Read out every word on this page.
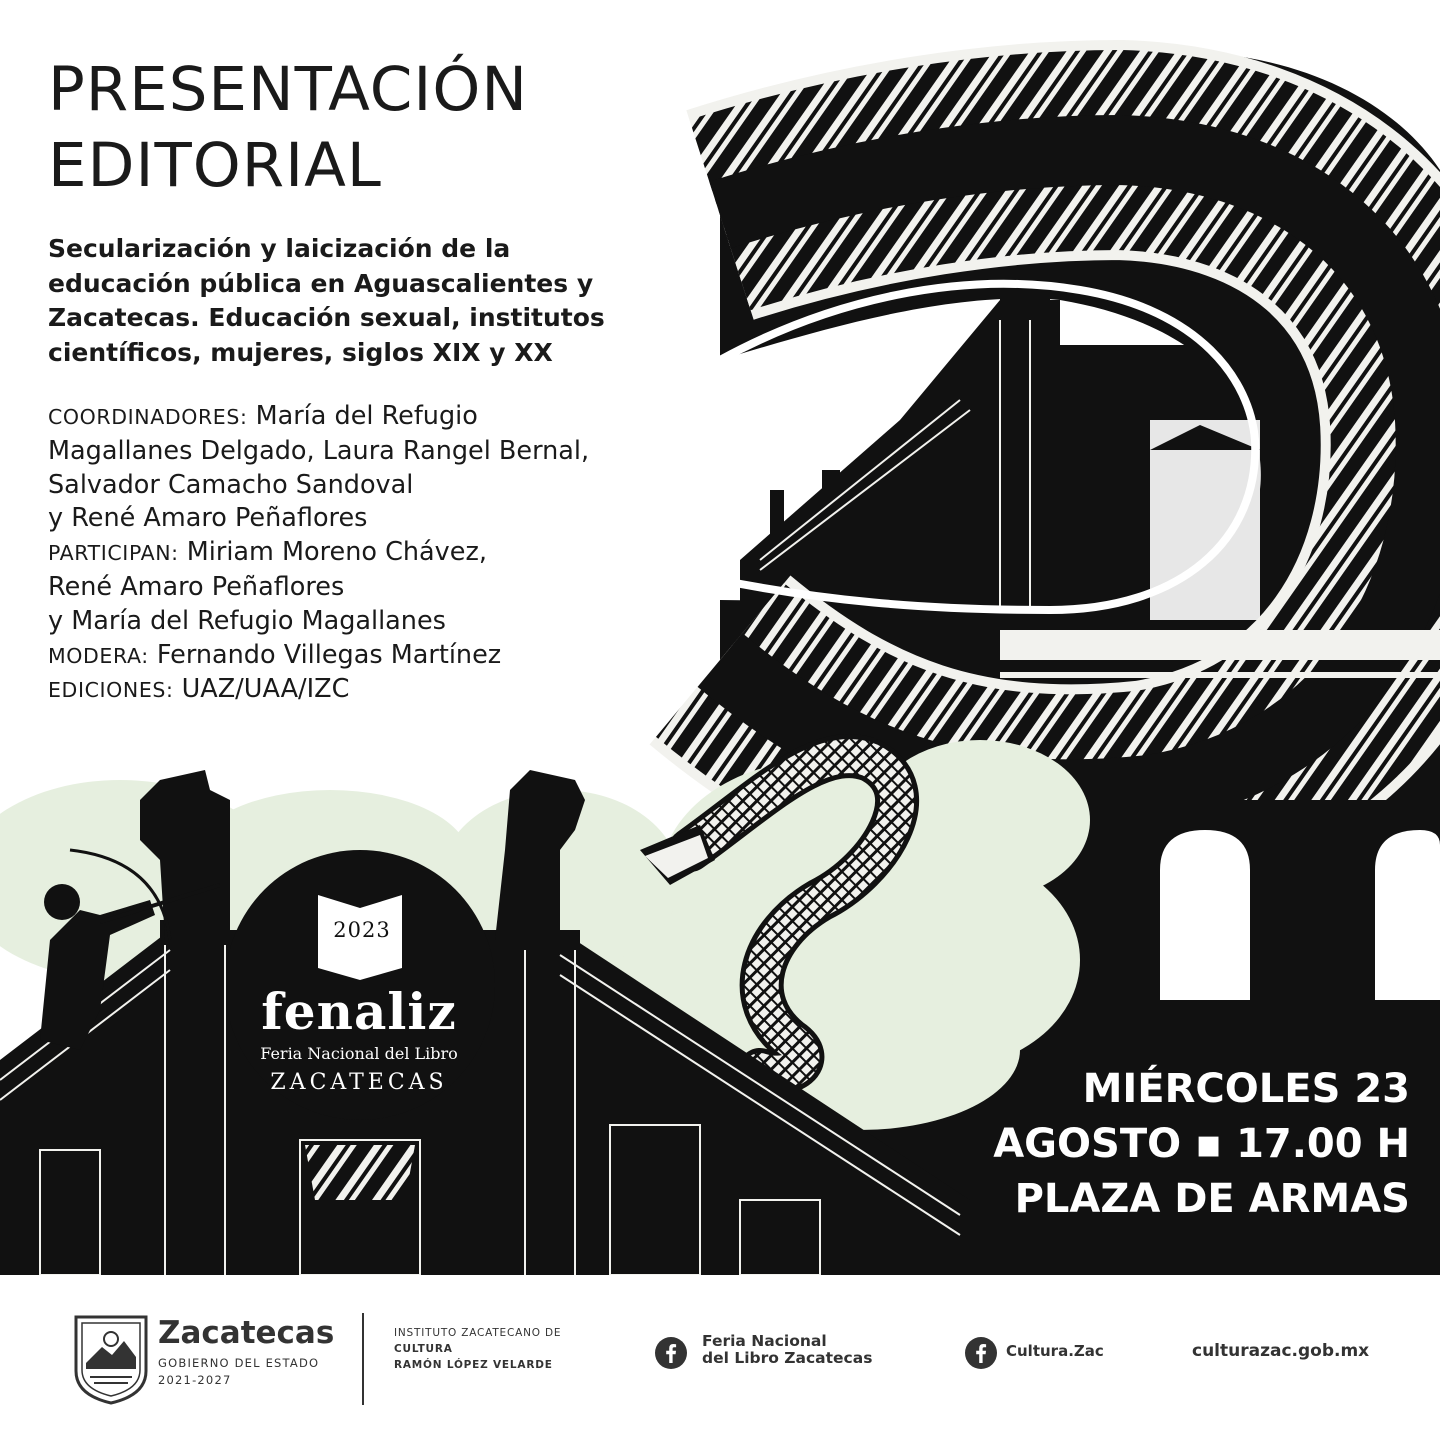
PRESENTACIÓN
EDITORIAL
Secularización y laicización de la
educación pública en Aguascalientes y
Zacatecas. Educación sexual, institutos
científicos, mujeres, siglos XIX y XX
COORDINADORES: María del Refugio
Magallanes Delgado, Laura Rangel Bernal,
Salvador Camacho Sandoval
y René Amaro Peñaflores
PARTICIPAN: Miriam Moreno Chávez,
René Amaro Peñaflores
y María del Refugio Magallanes
MODERA: Fernando Villegas Martínez
EDICIONES: UAZ/UAA/IZC
2023
fenaliz
Feria Nacional del Libro
ZACATECAS	MIÉRCOLES 23
AGOSTO ▪ 17.00 H
PLAZA DE ARMAS
Zacatecas
GOBIERNO DEL ESTADO
2021-2027
INSTITUTO ZACATECANO DE
CULTURA
RAMÓN LÓPEZ VELARDE
Feria Nacional
del Libro Zacatecas	Cultura.Zac	culturazac.gob.mx
